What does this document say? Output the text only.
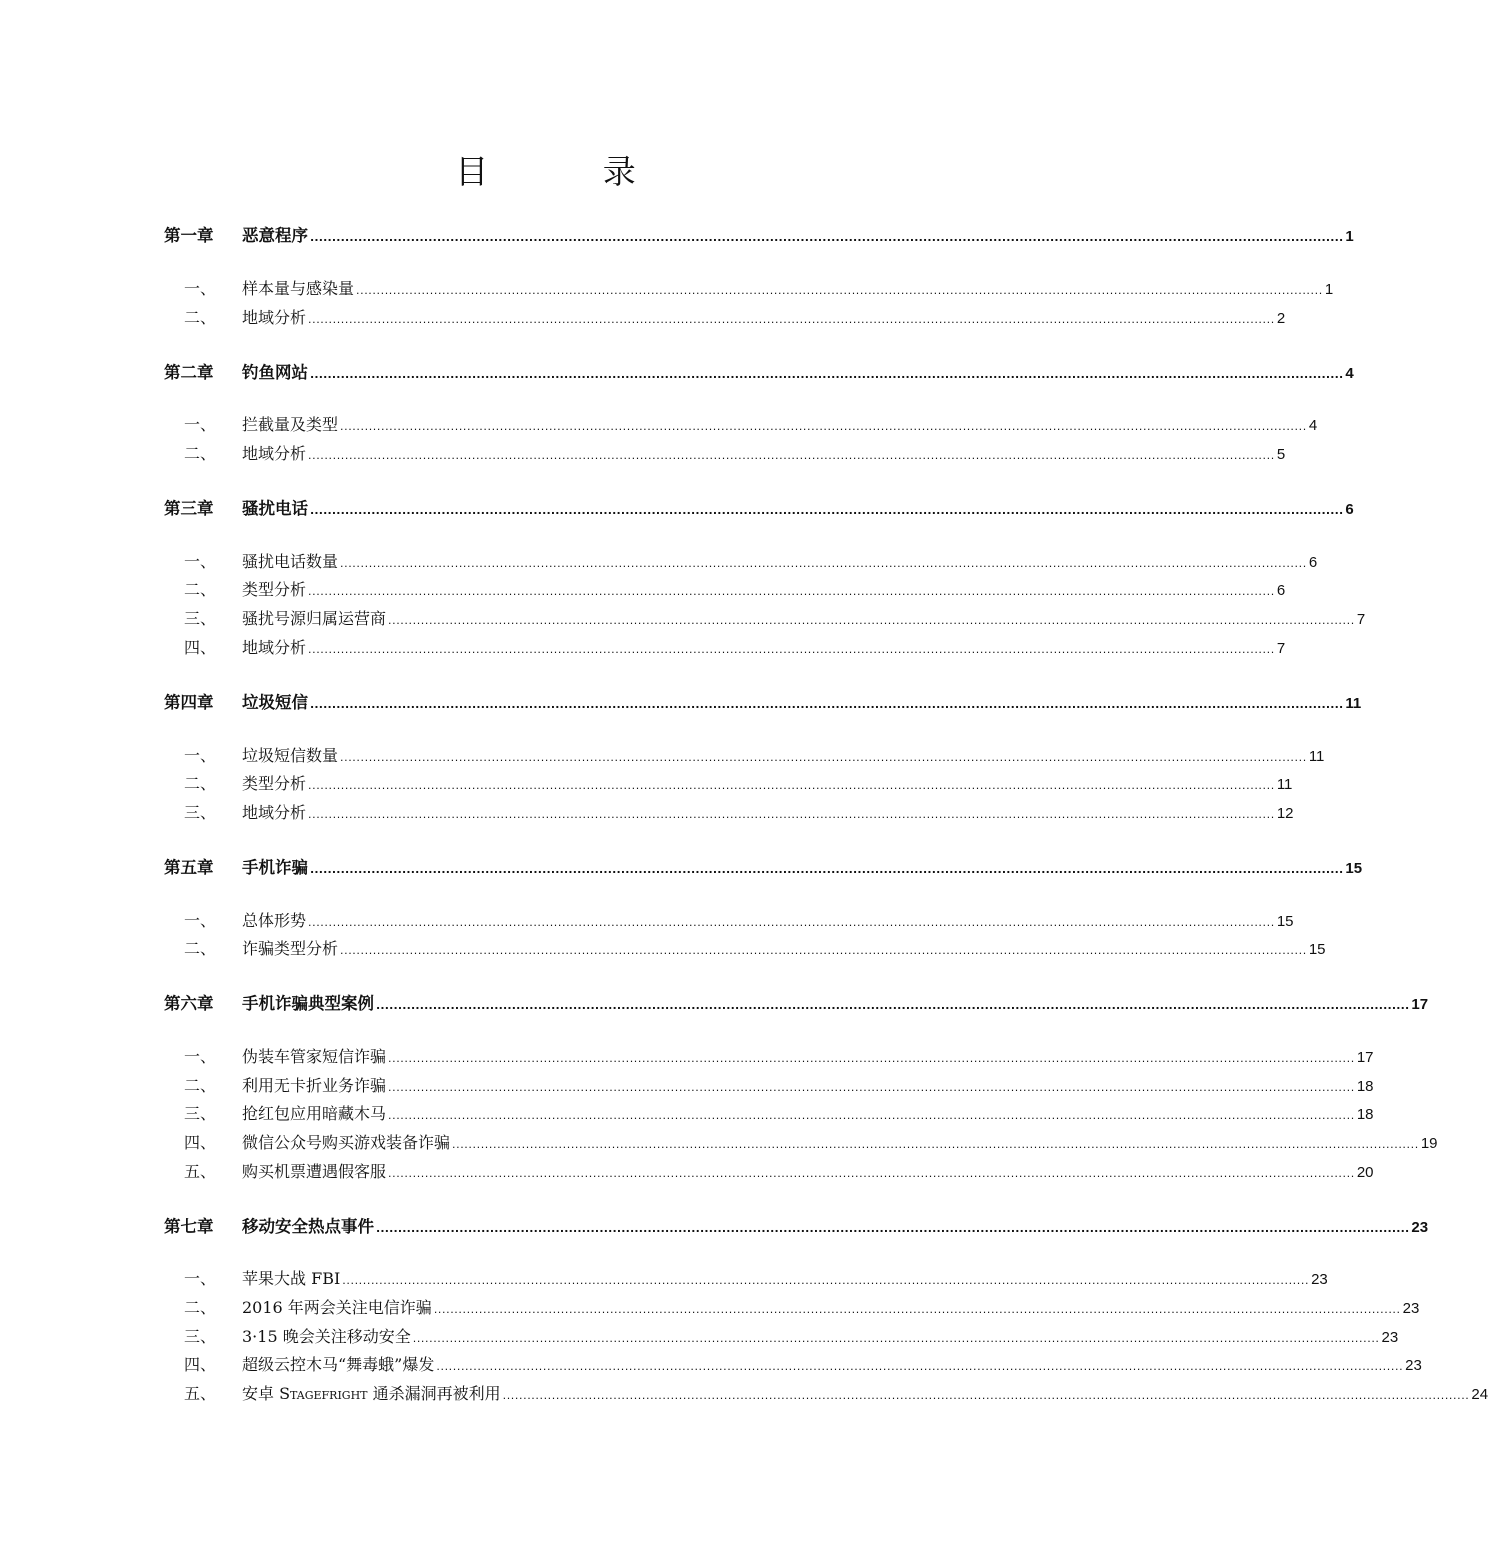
目 录
第一章	恶意程序 ............................................................................................................................................................................................................................................ 1
一、	样本量与感染量 ............................................................................................................................................................................................................................................ 1
二、	地域分析 ............................................................................................................................................................................................................................................ 2
第二章	钓鱼网站 ............................................................................................................................................................................................................................................ 4
一、	拦截量及类型 ............................................................................................................................................................................................................................................ 4
二、	地域分析 ............................................................................................................................................................................................................................................ 5
第三章	骚扰电话 ............................................................................................................................................................................................................................................ 6
一、	骚扰电话数量 ............................................................................................................................................................................................................................................ 6
二、	类型分析 ............................................................................................................................................................................................................................................ 6
三、	骚扰号源归属运营商 ............................................................................................................................................................................................................................................ 7
四、	地域分析 ............................................................................................................................................................................................................................................ 7
第四章	垃圾短信 ............................................................................................................................................................................................................................................ 11
一、	垃圾短信数量 ............................................................................................................................................................................................................................................ 11
二、	类型分析 ............................................................................................................................................................................................................................................ 11
三、	地域分析 ............................................................................................................................................................................................................................................ 12
第五章	手机诈骗 ............................................................................................................................................................................................................................................ 15
一、	总体形势 ............................................................................................................................................................................................................................................ 15
二、	诈骗类型分析 ............................................................................................................................................................................................................................................ 15
第六章	手机诈骗典型案例 ............................................................................................................................................................................................................................................ 17
一、	伪装车管家短信诈骗 ............................................................................................................................................................................................................................................ 17
二、	利用无卡折业务诈骗 ............................................................................................................................................................................................................................................ 18
三、	抢红包应用暗藏木马 ............................................................................................................................................................................................................................................ 18
四、	微信公众号购买游戏装备诈骗 ............................................................................................................................................................................................................................................ 19
五、	购买机票遭遇假客服 ............................................................................................................................................................................................................................................ 20
第七章	移动安全热点事件 ............................................................................................................................................................................................................................................ 23
一、	苹果大战 FBI ............................................................................................................................................................................................................................................ 23
二、	2016 年两会关注电信诈骗 ............................................................................................................................................................................................................................................ 23
三、	3·15 晚会关注移动安全 ............................................................................................................................................................................................................................................ 23
四、	超级云控木马“舞毒蛾”爆发 ............................................................................................................................................................................................................................................ 23
五、	安卓 Stagefright 通杀漏洞再被利用 ............................................................................................................................................................................................................................................ 24
